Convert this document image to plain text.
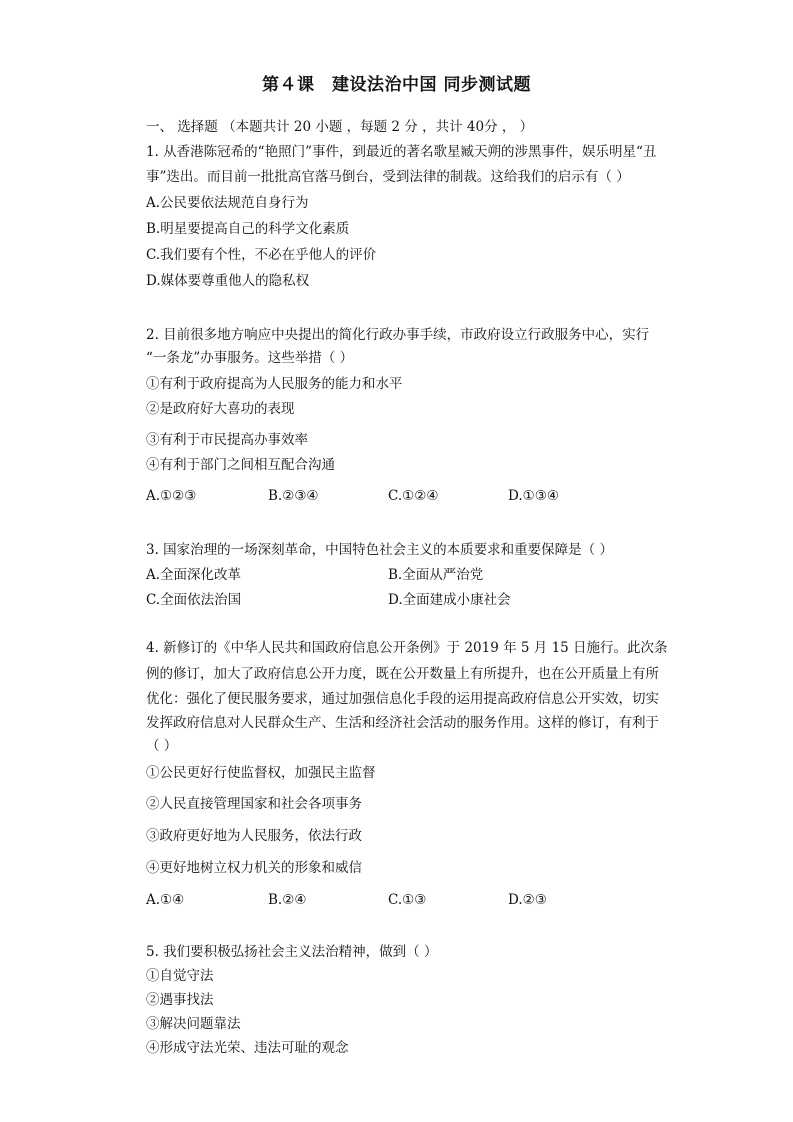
第４课　建设法治中国 同步测试题
一、 选择题 （本题共计 20 小题 ，每题 2 分 ，共计 40分 ， ）
1. 从香港陈冠希的“艳照门”事件，到最近的著名歌星臧天朔的涉黑事件，娱乐明星“丑
事”迭出。而目前一批批高官落马倒台，受到法律的制裁。这给我们的启示有（ ）
A.公民要依法规范自身行为
B.明星要提高自己的科学文化素质
C.我们要有个性，不必在乎他人的评价
D.媒体要尊重他人的隐私权
2. 目前很多地方响应中央提出的简化行政办事手续，市政府设立行政服务中心，实行
“一条龙”办事服务。这些举措（ ）
①有利于政府提高为人民服务的能力和水平
②是政府好大喜功的表现
③有利于市民提高办事效率
④有利于部门之间相互配合沟通
A.①②③	B.②③④	C.①②④	D.①③④
3. 国家治理的一场深刻革命，中国特色社会主义的本质要求和重要保障是（ ）
A.全面深化改革	B.全面从严治党
C.全面依法治国	D.全面建成小康社会
4. 新修订的《中华人民共和国政府信息公开条例》于 2019 年 5 月 15 日施行。此次条
例的修订，加大了政府信息公开力度，既在公开数量上有所提升，也在公开质量上有所
优化：强化了便民服务要求，通过加强信息化手段的运用提高政府信息公开实效，切实
发挥政府信息对人民群众生产、生活和经济社会活动的服务作用。这样的修订，有利于
（ ）
①公民更好行使监督权，加强民主监督
②人民直接管理国家和社会各项事务
③政府更好地为人民服务，依法行政
④更好地树立权力机关的形象和威信
A.①④	B.②④	C.①③	D.②③
5. 我们要积极弘扬社会主义法治精神，做到（ ）
①自觉守法
②遇事找法
③解决问题靠法
④形成守法光荣、违法可耻的观念
